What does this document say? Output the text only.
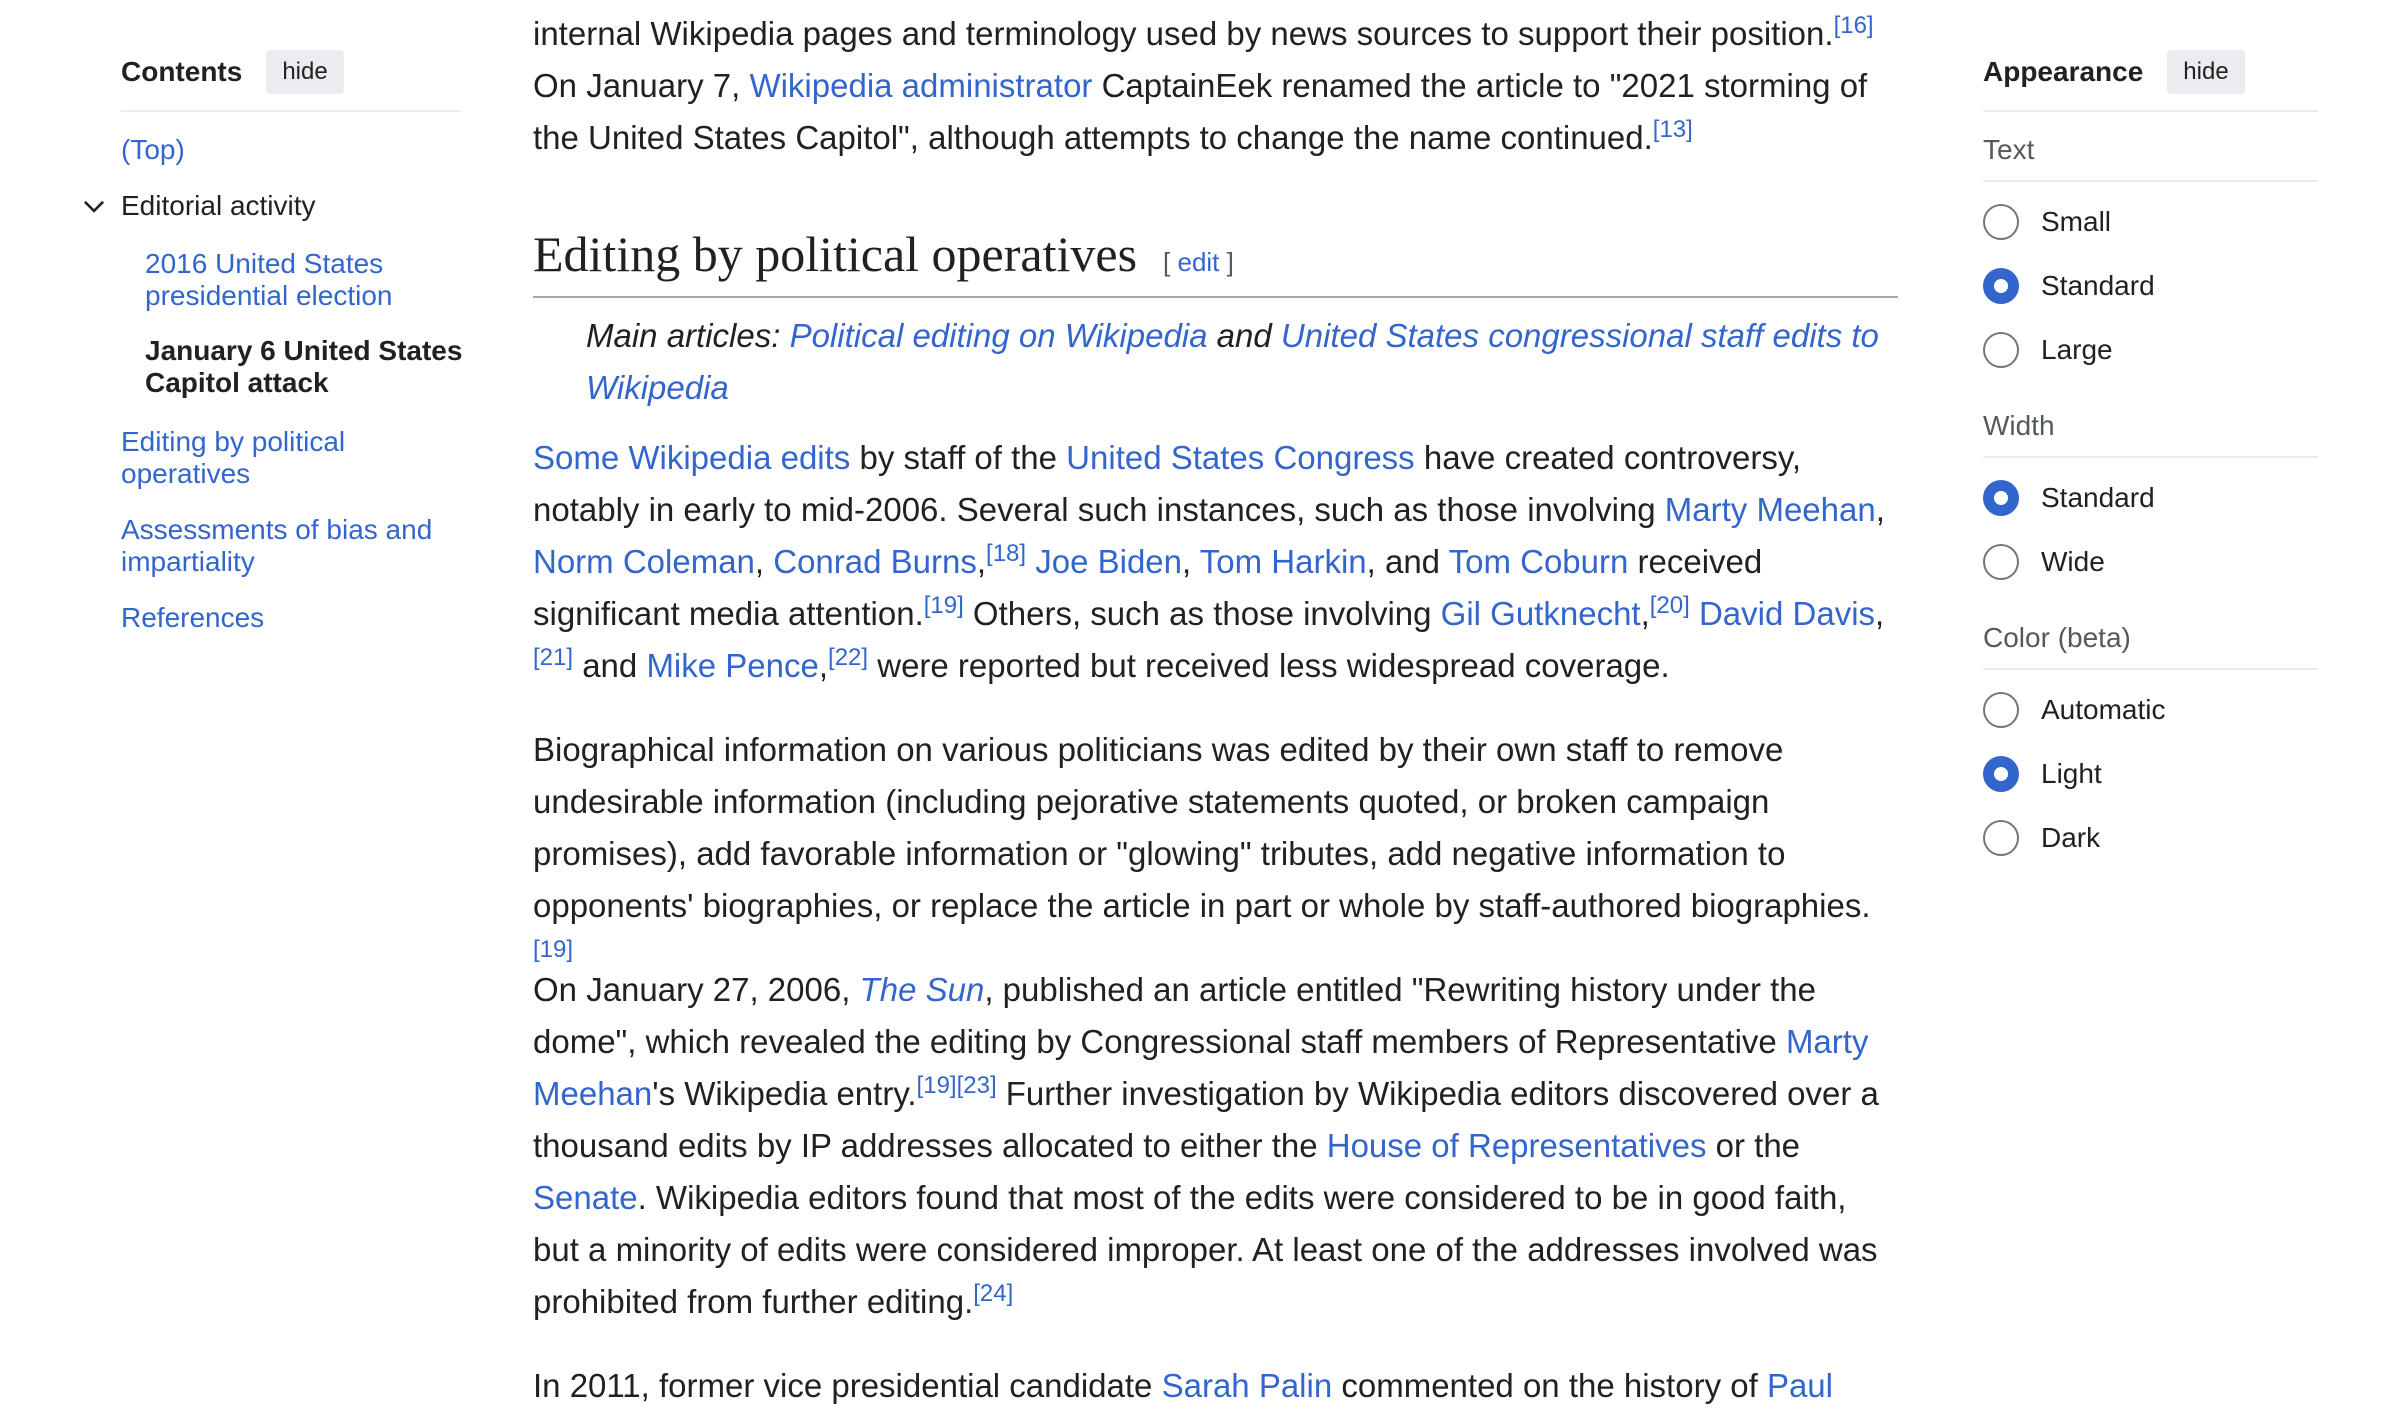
Contents	hide
(Top)
Editorial activity
2016 United States presidential election
January 6 United States Capitol attack
Editing by political operatives
Assessments of bias and impartiality
References

internal Wikipedia pages and terminology used by news sources to support their position.[16] On January 7, Wikipedia administrator CaptainEek renamed the article to "2021 storming of the United States Capitol", although attempts to change the name continued.[13]

Editing by political operatives [ edit ]
Main articles: Political editing on Wikipedia and United States congressional staff edits to Wikipedia

Some Wikipedia edits by staff of the United States Congress have created controversy, notably in early to mid-2006. Several such instances, such as those involving Marty Meehan, Norm Coleman, Conrad Burns,[18] Joe Biden, Tom Harkin, and Tom Coburn received significant media attention.[19] Others, such as those involving Gil Gutknecht,[20] David Davis,[21] and Mike Pence,[22] were reported but received less widespread coverage.

Biographical information on various politicians was edited by their own staff to remove undesirable information (including pejorative statements quoted, or broken campaign promises), add favorable information or "glowing" tributes, add negative information to opponents' biographies, or replace the article in part or whole by staff-authored biographies.[19]

On January 27, 2006, The Sun, published an article entitled "Rewriting history under the dome", which revealed the editing by Congressional staff members of Representative Marty Meehan's Wikipedia entry.[19][23] Further investigation by Wikipedia editors discovered over a thousand edits by IP addresses allocated to either the House of Representatives or the Senate. Wikipedia editors found that most of the edits were considered to be in good faith, but a minority of edits were considered improper. At least one of the addresses involved was prohibited from further editing.[24]

In 2011, former vice presidential candidate Sarah Palin commented on the history of Paul

Appearance	hide
Text
Small
Standard
Large
Width
Standard
Wide
Color (beta)
Automatic
Light
Dark
